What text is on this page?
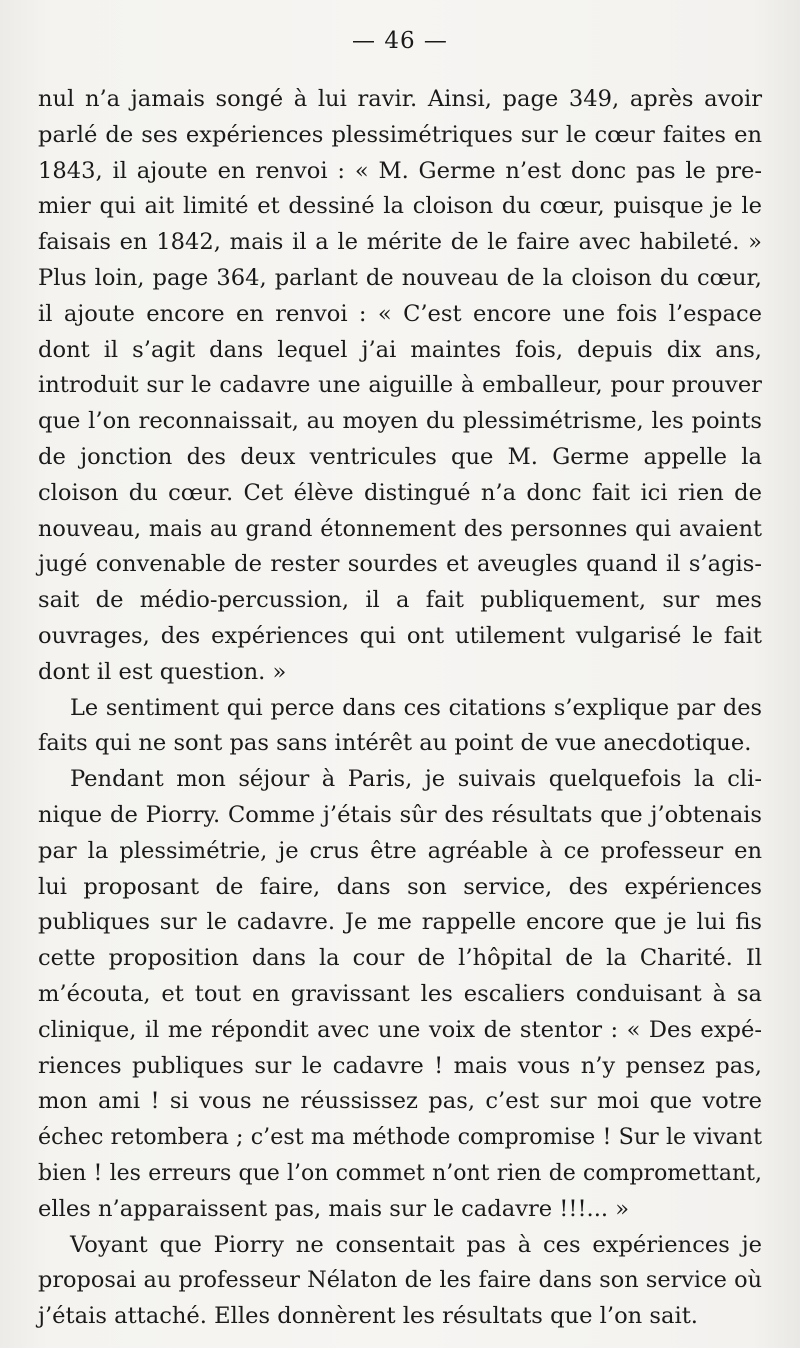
— 46 —
nul n’a jamais songé à lui ravir. Ainsi, page 349, après avoir
parlé de ses expériences plessimétriques sur le cœur faites en
1843, il ajoute en renvoi : « M. Germe n’est donc pas le pre-
mier qui ait limité et dessiné la cloison du cœur, puisque je le
faisais en 1842, mais il a le mérite de le faire avec habileté. »
Plus loin, page 364, parlant de nouveau de la cloison du cœur,
il ajoute encore en renvoi : « C’est encore une fois l’espace
dont il s’agit dans lequel j’ai maintes fois, depuis dix ans,
introduit sur le cadavre une aiguille à emballeur, pour prouver
que l’on reconnaissait, au moyen du plessimétrisme, les points
de jonction des deux ventricules que M. Germe appelle la
cloison du cœur. Cet élève distingué n’a donc fait ici rien de
nouveau, mais au grand étonnement des personnes qui avaient
jugé convenable de rester sourdes et aveugles quand il s’agis-
sait de médio-percussion, il a fait publiquement, sur mes
ouvrages, des expériences qui ont utilement vulgarisé le fait
dont il est question. »
Le sentiment qui perce dans ces citations s’explique par des
faits qui ne sont pas sans intérêt au point de vue anecdotique.
Pendant mon séjour à Paris, je suivais quelquefois la cli-
nique de Piorry. Comme j’étais sûr des résultats que j’obtenais
par la plessimétrie, je crus être agréable à ce professeur en
lui proposant de faire, dans son service, des expériences
publiques sur le cadavre. Je me rappelle encore que je lui fis
cette proposition dans la cour de l’hôpital de la Charité. Il
m’écouta, et tout en gravissant les escaliers conduisant à sa
clinique, il me répondit avec une voix de stentor : « Des expé-
riences publiques sur le cadavre ! mais vous n’y pensez pas,
mon ami ! si vous ne réussissez pas, c’est sur moi que votre
échec retombera ; c’est ma méthode compromise ! Sur le vivant
bien ! les erreurs que l’on commet n’ont rien de compromettant,
elles n’apparaissent pas, mais sur le cadavre !!!... »
Voyant que Piorry ne consentait pas à ces expériences je
proposai au professeur Nélaton de les faire dans son service où
j’étais attaché. Elles donnèrent les résultats que l’on sait.
